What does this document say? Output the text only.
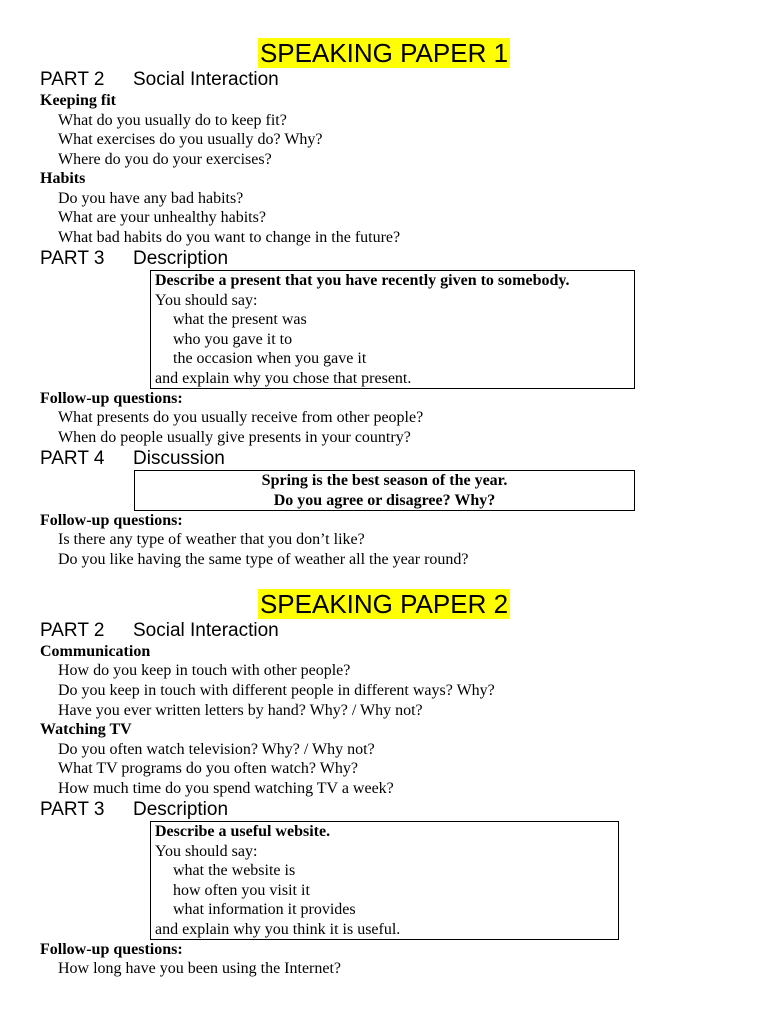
SPEAKING PAPER 1
PART 2 Social Interaction
Keeping fit
What do you usually do to keep fit?
What exercises do you usually do? Why?
Where do you do your exercises?
Habits
Do you have any bad habits?
What are your unhealthy habits?
What bad habits do you want to change in the future?
PART 3 Description
Describe a present that you have recently given to somebody.
You should say:
what the present was
who you gave it to
the occasion when you gave it
and explain why you chose that present.
Follow-up questions:
What presents do you usually receive from other people?
When do people usually give presents in your country?
PART 4 Discussion
Spring is the best season of the year.
Do you agree or disagree? Why?
Follow-up questions:
Is there any type of weather that you don’t like?
Do you like having the same type of weather all the year round?
SPEAKING PAPER 2
PART 2 Social Interaction
Communication
How do you keep in touch with other people?
Do you keep in touch with different people in different ways? Why?
Have you ever written letters by hand? Why? / Why not?
Watching TV
Do you often watch television? Why? / Why not?
What TV programs do you often watch? Why?
How much time do you spend watching TV a week?
PART 3 Description
Describe a useful website.
You should say:
what the website is
how often you visit it
what information it provides
and explain why you think it is useful.
Follow-up questions:
How long have you been using the Internet?
